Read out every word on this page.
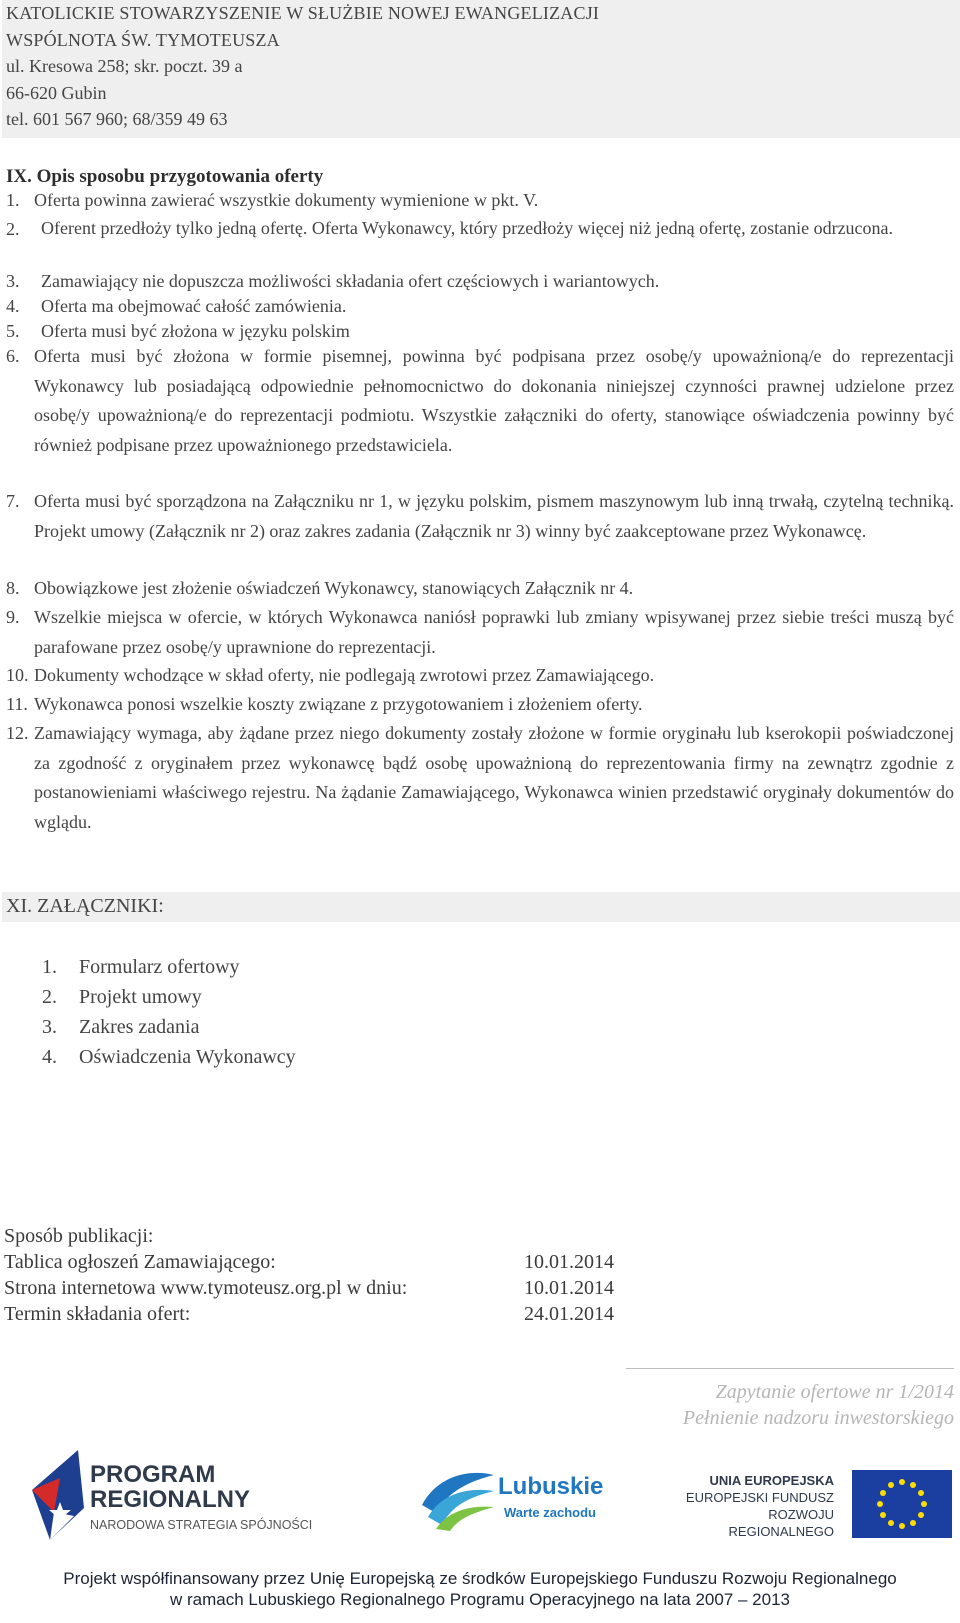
KATOLICKIE STOWARZYSZENIE W SŁUŻBIE NOWEJ EWANGELIZACJI
WSPÓLNOTA ŚW. TYMOTEUSZA
ul. Kresowa 258; skr. poczt. 39 a
66-620 Gubin
tel. 601 567 960; 68/359 49 63
IX. Opis sposobu przygotowania oferty
1. Oferta powinna zawierać wszystkie dokumenty wymienione w pkt. V.
2. Oferent przedłoży tylko jedną ofertę. Oferta Wykonawcy, który przedłoży więcej niż jedną ofertę, zostanie odrzucona.
3. Zamawiający nie dopuszcza możliwości składania ofert częściowych i wariantowych.
4. Oferta ma obejmować całość zamówienia.
5. Oferta musi być złożona w języku polskim
6. Oferta musi być złożona w formie pisemnej, powinna być podpisana przez osobę/y upoważnioną/e do reprezentacji Wykonawcy lub posiadającą odpowiednie pełnomocnictwo do dokonania niniejszej czynności prawnej udzielone przez osobę/y upoważnioną/e do reprezentacji podmiotu. Wszystkie załączniki do oferty, stanowiące oświadczenia powinny być również podpisane przez upoważnionego przedstawiciela.
7. Oferta musi być sporządzona na Załączniku nr 1, w języku polskim, pismem maszynowym lub inną trwałą, czytelną techniką. Projekt umowy (Załącznik nr 2) oraz zakres zadania (Załącznik nr 3) winny być zaakceptowane przez Wykonawcę.
8. Obowiązkowe jest złożenie oświadczeń Wykonawcy, stanowiących Załącznik nr 4.
9. Wszelkie miejsca w ofercie, w których Wykonawca naniósł poprawki lub zmiany wpisywanej przez siebie treści muszą być parafowane przez osobę/y uprawnione do reprezentacji.
10. Dokumenty wchodzące w skład oferty, nie podlegają zwrotowi przez Zamawiającego.
11. Wykonawca ponosi wszelkie koszty związane z przygotowaniem i złożeniem oferty.
12. Zamawiający wymaga, aby żądane przez niego dokumenty zostały złożone w formie oryginału lub kserokopii poświadczonej za zgodność z oryginałem przez wykonawcę bądź osobę upoważnioną do reprezentowania firmy na zewnątrz zgodnie z postanowieniami właściwego rejestru. Na żądanie Zamawiającego, Wykonawca winien przedstawić oryginały dokumentów do wglądu.
XI. ZAŁĄCZNIKI:
1. Formularz ofertowy
2. Projekt umowy
3. Zakres zadania
4. Oświadczenia Wykonawcy
Sposób publikacji:
Tablica ogłoszeń Zamawiającego:	10.01.2014
Strona internetowa www.tymoteusz.org.pl w dniu:	10.01.2014
Termin składania ofert:	24.01.2014
Zapytanie ofertowe nr 1/2014
Pełnienie nadzoru inwestorskiego
PROGRAM
REGIONALNY
NARODOWA STRATEGIA SPÓJNOŚCI
Lubuskie
Warte zachodu
UNIA EUROPEJSKA
EUROPEJSKI FUNDUSZ
ROZWOJU REGIONALNEGO
Projekt współfinansowany przez Unię Europejską ze środków Europejskiego Funduszu Rozwoju Regionalnego
w ramach Lubuskiego Regionalnego Programu Operacyjnego na lata 2007 – 2013
